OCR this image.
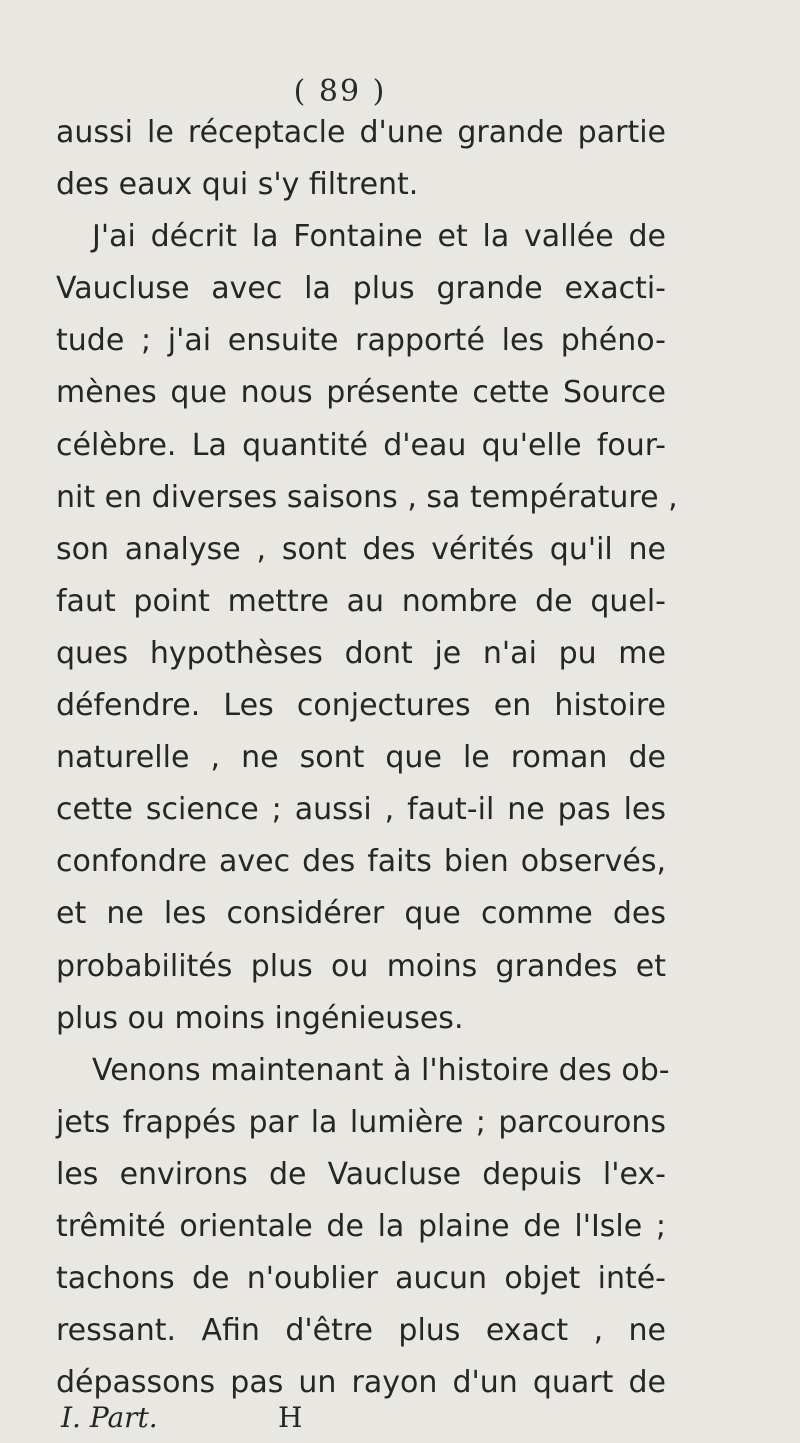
( 89 )
aussi le réceptacle d'une grande partie
des eaux qui s'y filtrent.
J'ai décrit la Fontaine et la vallée de
Vaucluse avec la plus grande exacti-
tude ; j'ai ensuite rapporté les phéno-
mènes que nous présente cette Source
célèbre. La quantité d'eau qu'elle four-
nit en diverses saisons , sa température ,
son analyse , sont des vérités qu'il ne
faut point mettre au nombre de quel-
ques hypothèses dont je n'ai pu me
défendre. Les conjectures en histoire
naturelle , ne sont que le roman de
cette science ; aussi , faut-il ne pas les
confondre avec des faits bien observés,
et ne les considérer que comme des
probabilités plus ou moins grandes et
plus ou moins ingénieuses.
Venons maintenant à l'histoire des ob-
jets frappés par la lumière ; parcourons
les environs de Vaucluse depuis l'ex-
trêmité orientale de la plaine de l'Isle ;
tachons de n'oublier aucun objet inté-
ressant. Afin d'être plus exact , ne
dépassons pas un rayon d'un quart de
I. Part.	H
